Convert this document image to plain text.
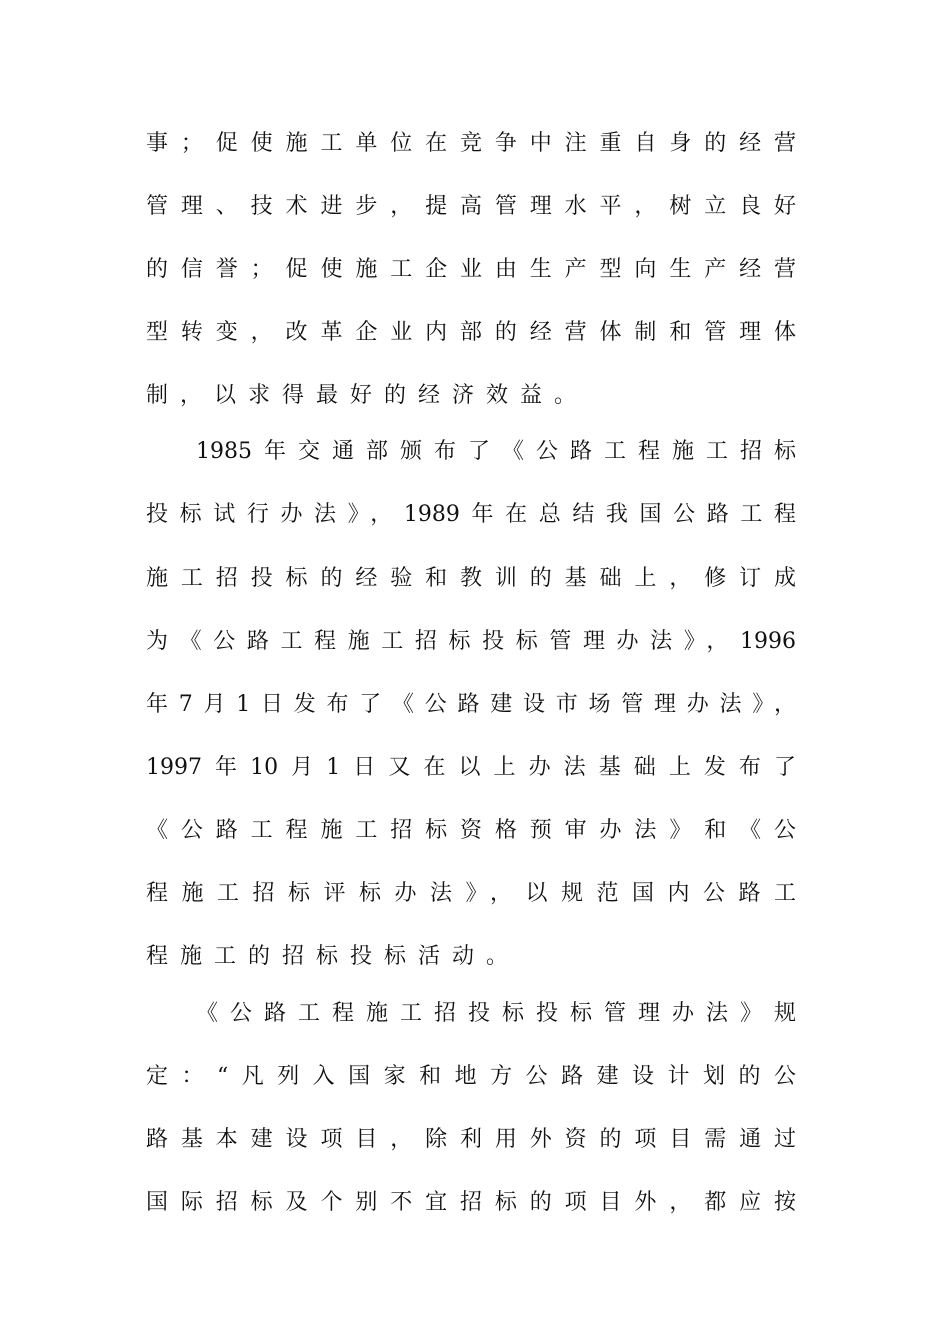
事；促使施工单位在竞争中注重自身的经营
管理、技术进步，提高管理水平，树立良好
的信誉；促使施工企业由生产型向生产经营
型转变，改革企业内部的经营体制和管理体
制，以求得最好的经济效益。
1985年交通部颁布了《公路工程施工招标
投标试行办法》，1989年在总结我国公路工程
施工招投标的经验和教训的基础上，修订成
为《公路工程施工招标投标管理办法》，1996
年7月1日发布了《公路建设市场管理办法》，
1997年10月1日又在以上办法基础上发布了
《公路工程施工招标资格预审办法》和《公
程施工招标评标办法》，以规范国内公路工
程施工的招标投标活动。
《公路工程施工招投标投标管理办法》规
定：“凡列入国家和地方公路建设计划的公
路基本建设项目，除利用外资的项目需通过
国际招标及个别不宜招标的项目外，都应按
